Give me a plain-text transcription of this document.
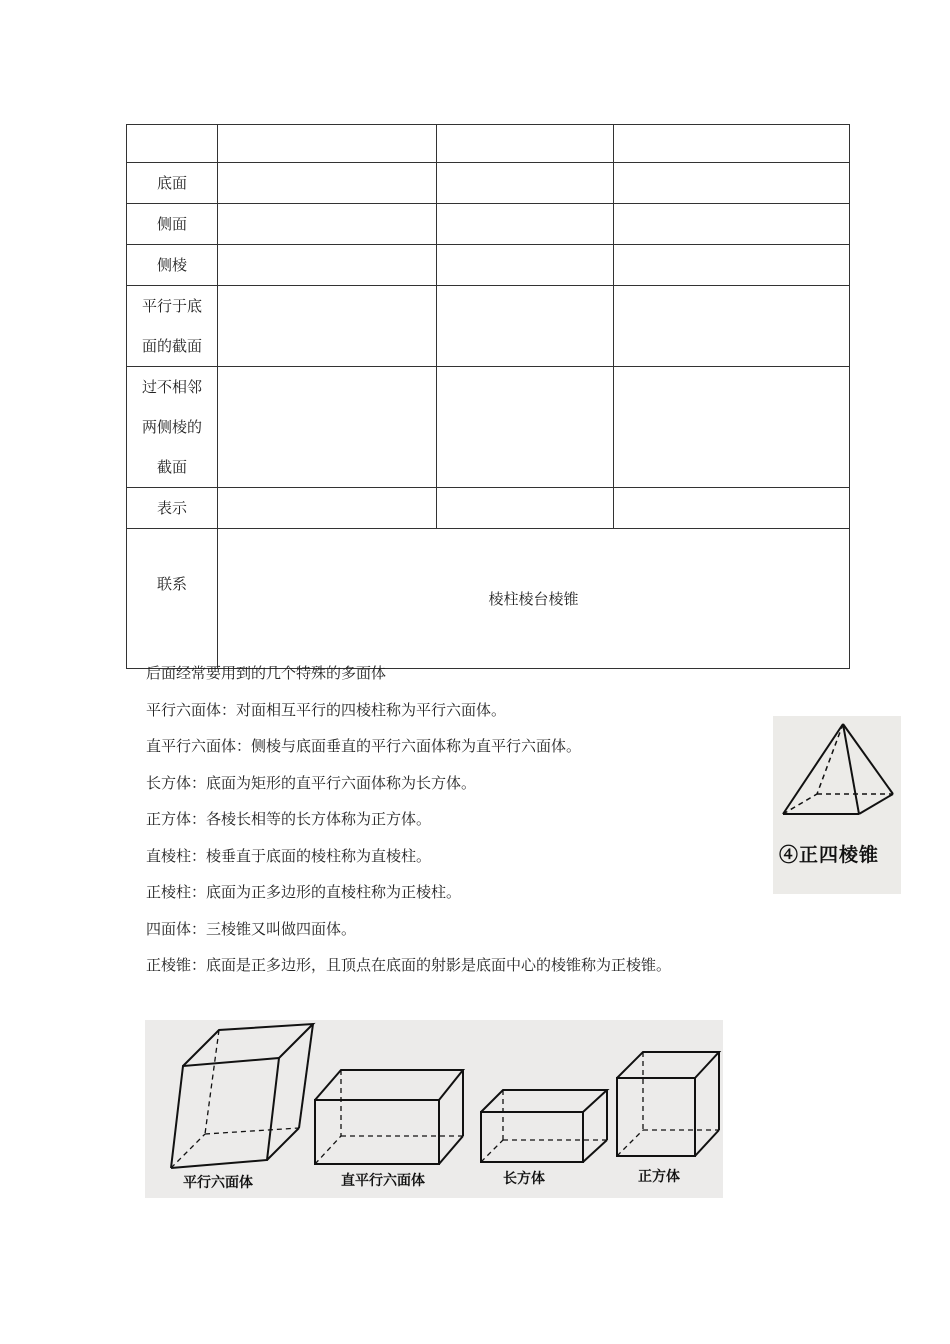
底面			
侧面			
侧棱			

平行于底
面的截面			

过不相邻
两侧棱的
截面			

表示			
联系	棱柱棱台棱锥		

后面经常要用到的几个特殊的多面体

平行六面体：对面相互平行的四棱柱称为平行六面体。

直平行六面体：侧棱与底面垂直的平行六面体称为直平行六面体。

长方体：底面为矩形的直平行六面体称为长方体。

正方体：各棱长相等的长方体称为正方体。

直棱柱：棱垂直于底面的棱柱称为直棱柱。

正棱柱：底面为正多边形的直棱柱称为正棱柱。

四面体：三棱锥又叫做四面体。

正棱锥：底面是正多边形，且顶点在底面的射影是底面中心的棱锥称为正棱锥。

④正四棱锥
平行六面体	直平行六面体	长方体	正方体
